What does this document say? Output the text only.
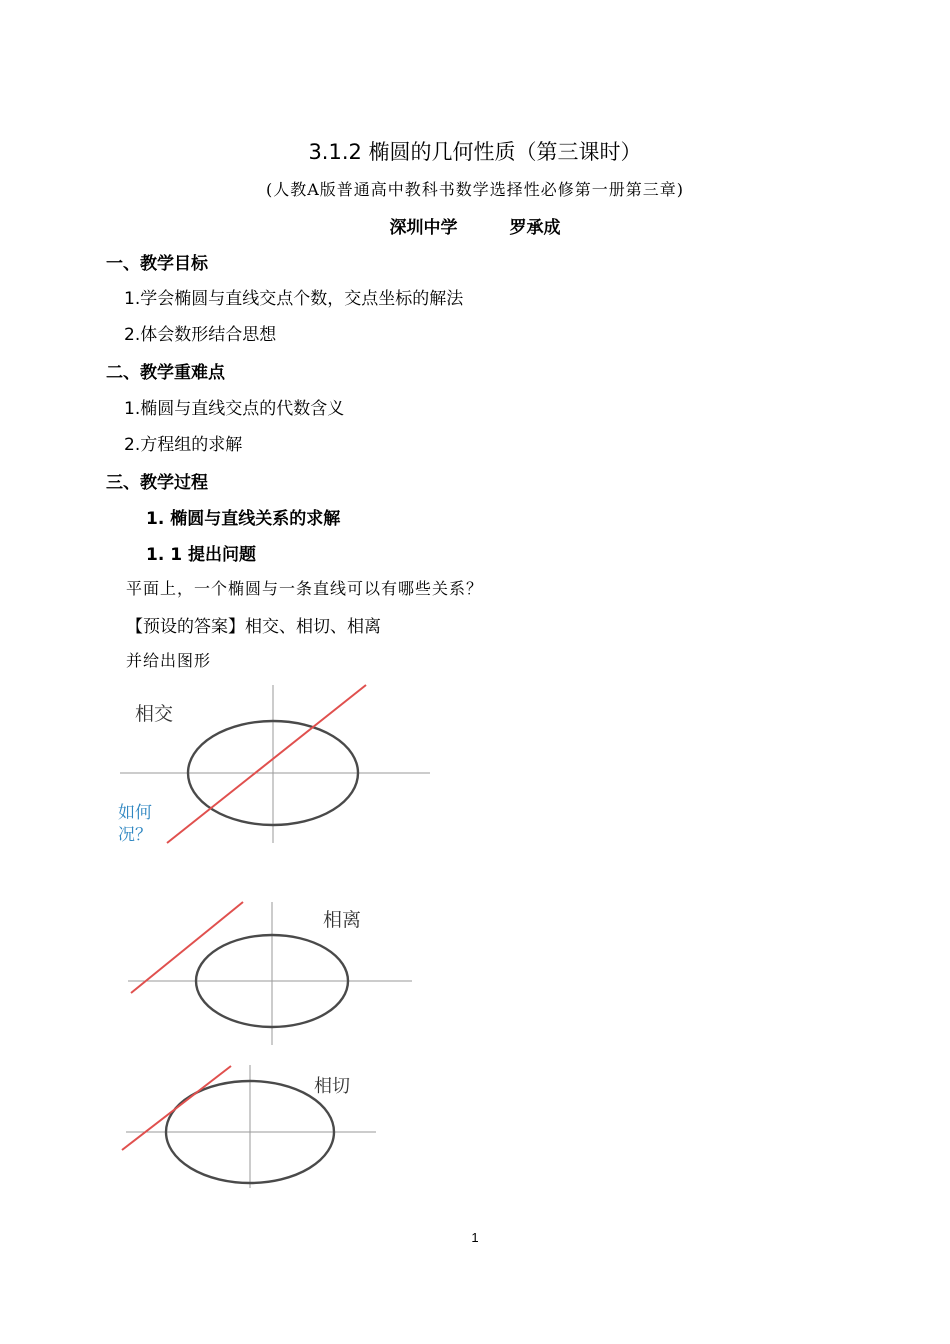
3.1.2 椭圆的几何性质（第三课时）
(人教A版普通高中教科书数学选择性必修第一册第三章)
深圳中学	罗承成
一、教学目标
1.学会椭圆与直线交点个数，交点坐标的解法
2.体会数形结合思想
二、教学重难点
1.椭圆与直线交点的代数含义
2.方程组的求解
三、教学过程
1. 椭圆与直线关系的求解
1. 1 提出问题
平面上，一个椭圆与一条直线可以有哪些关系？
【预设的答案】相交、相切、相离
并给出图形
相交
如何
况？
相离
相切
1
